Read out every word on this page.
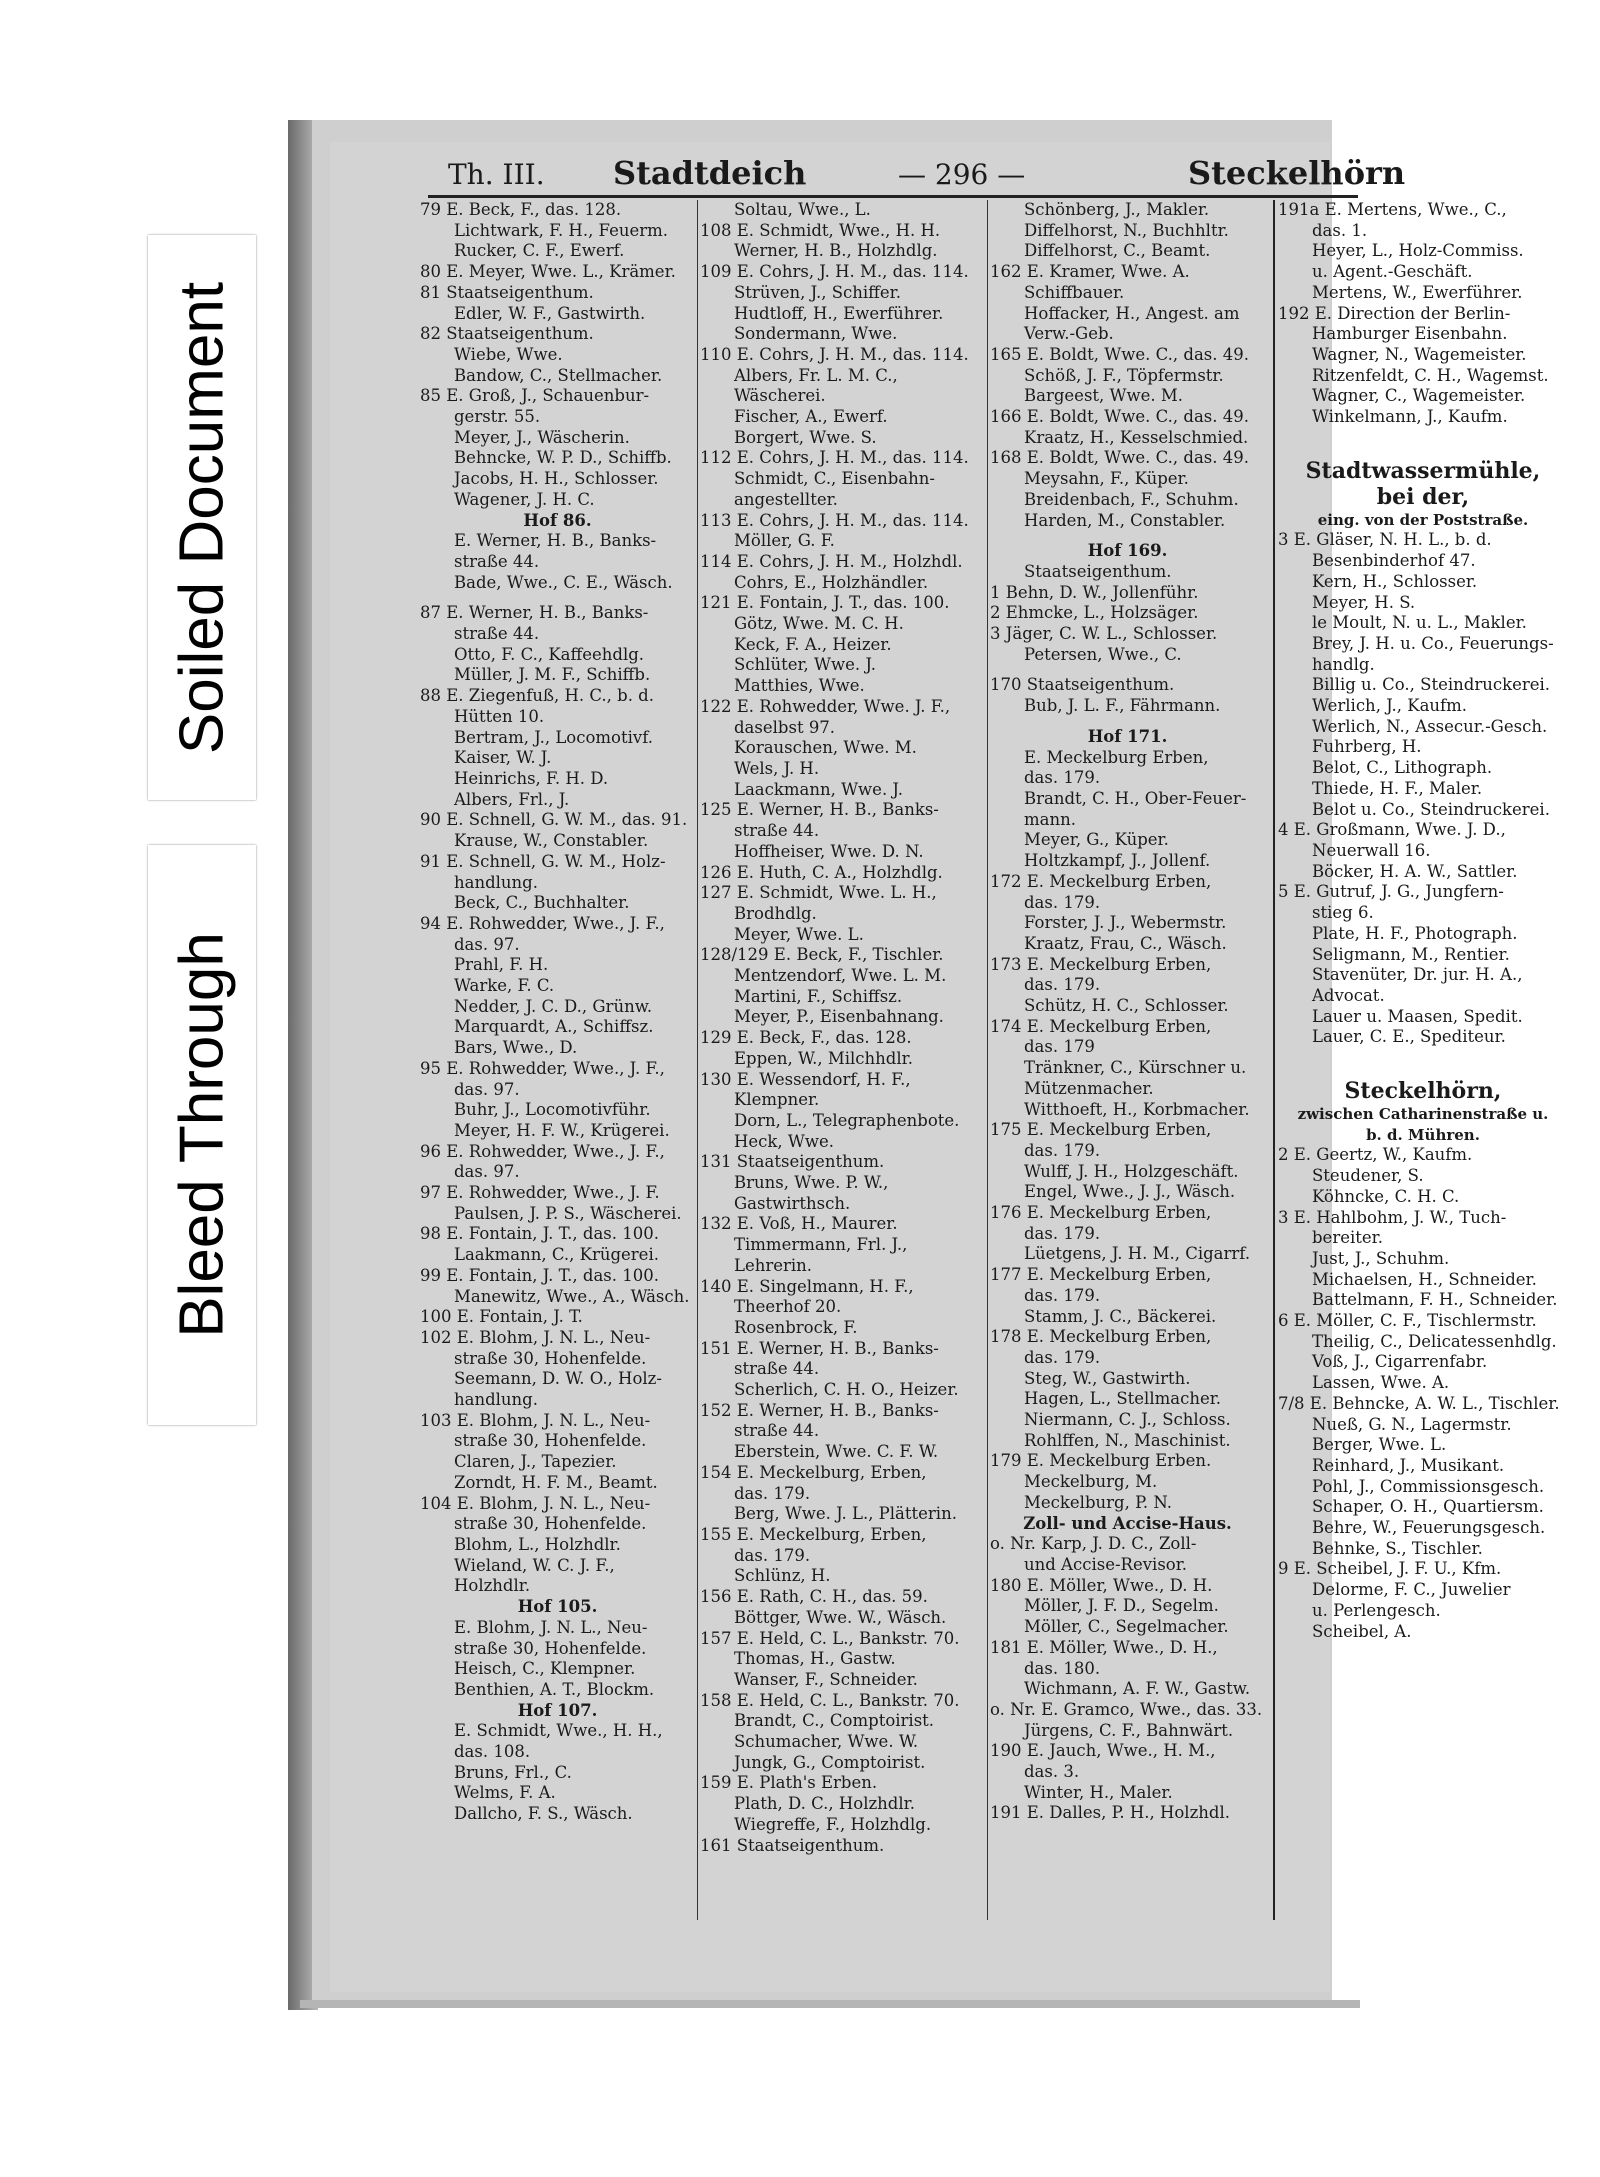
Soiled Document
Bleed Through
Th. III. Stadtdeich	— 296 —	Steckelhörn
79 E. Beck, F., das. 128.
Lichtwark, F. H., Feuerm.
Rucker, C. F., Ewerf.
80 E. Meyer, Wwe. L., Krämer.
81 Staatseigenthum.
Edler, W. F., Gastwirth.
82 Staatseigenthum.
Wiebe, Wwe.
Bandow, C., Stellmacher.
85 E. Groß, J., Schauenbur-
gerstr. 55.
Meyer, J., Wäscherin.
Behncke, W. P. D., Schiffb.
Jacobs, H. H., Schlosser.
Wagener, J. H. C.
Hof 86.
E. Werner, H. B., Banks-
straße 44.
Bade, Wwe., C. E., Wäsch.
87 E. Werner, H. B., Banks-
straße 44.
Otto, F. C., Kaffeehdlg.
Müller, J. M. F., Schiffb.
88 E. Ziegenfuß, H. C., b. d.
Hütten 10.
Bertram, J., Locomotivf.
Kaiser, W. J.
Heinrichs, F. H. D.
Albers, Frl., J.
90 E. Schnell, G. W. M., das. 91.
Krause, W., Constabler.
91 E. Schnell, G. W. M., Holz-
handlung.
Beck, C., Buchhalter.
94 E. Rohwedder, Wwe., J. F.,
das. 97.
Prahl, F. H.
Warke, F. C.
Nedder, J. C. D., Grünw.
Marquardt, A., Schiffsz.
Bars, Wwe., D.
95 E. Rohwedder, Wwe., J. F.,
das. 97.
Buhr, J., Locomotivführ.
Meyer, H. F. W., Krügerei.
96 E. Rohwedder, Wwe., J. F.,
das. 97.
97 E. Rohwedder, Wwe., J. F.
Paulsen, J. P. S., Wäscherei.
98 E. Fontain, J. T., das. 100.
Laakmann, C., Krügerei.
99 E. Fontain, J. T., das. 100.
Manewitz, Wwe., A., Wäsch.
100 E. Fontain, J. T.
102 E. Blohm, J. N. L., Neu-
straße 30, Hohenfelde.
Seemann, D. W. O., Holz-
handlung.
103 E. Blohm, J. N. L., Neu-
straße 30, Hohenfelde.
Claren, J., Tapezier.
Zorndt, H. F. M., Beamt.
104 E. Blohm, J. N. L., Neu-
straße 30, Hohenfelde.
Blohm, L., Holzhdlr.
Wieland, W. C. J. F.,
Holzhdlr.
Hof 105.
E. Blohm, J. N. L., Neu-
straße 30, Hohenfelde.
Heisch, C., Klempner.
Benthien, A. T., Blockm.
Hof 107.
E. Schmidt, Wwe., H. H.,
das. 108.
Bruns, Frl., C.
Welms, F. A.
Dallcho, F. S., Wäsch.
Soltau, Wwe., L.
108 E. Schmidt, Wwe., H. H.
Werner, H. B., Holzhdlg.
109 E. Cohrs, J. H. M., das. 114.
Strüven, J., Schiffer.
Hudtloff, H., Ewerführer.
Sondermann, Wwe.
110 E. Cohrs, J. H. M., das. 114.
Albers, Fr. L. M. C.,
Wäscherei.
Fischer, A., Ewerf.
Borgert, Wwe. S.
112 E. Cohrs, J. H. M., das. 114.
Schmidt, C., Eisenbahn-
angestellter.
113 E. Cohrs, J. H. M., das. 114.
Möller, G. F.
114 E. Cohrs, J. H. M., Holzhdl.
Cohrs, E., Holzhändler.
121 E. Fontain, J. T., das. 100.
Götz, Wwe. M. C. H.
Keck, F. A., Heizer.
Schlüter, Wwe. J.
Matthies, Wwe.
122 E. Rohwedder, Wwe. J. F.,
daselbst 97.
Korauschen, Wwe. M.
Wels, J. H.
Laackmann, Wwe. J.
125 E. Werner, H. B., Banks-
straße 44.
Hoffheiser, Wwe. D. N.
126 E. Huth, C. A., Holzhdlg.
127 E. Schmidt, Wwe. L. H.,
Brodhdlg.
Meyer, Wwe. L.
128/129 E. Beck, F., Tischler.
Mentzendorf, Wwe. L. M.
Martini, F., Schiffsz.
Meyer, P., Eisenbahnang.
129 E. Beck, F., das. 128.
Eppen, W., Milchhdlr.
130 E. Wessendorf, H. F.,
Klempner.
Dorn, L., Telegraphenbote.
Heck, Wwe.
131 Staatseigenthum.
Bruns, Wwe. P. W.,
Gastwirthsch.
132 E. Voß, H., Maurer.
Timmermann, Frl. J.,
Lehrerin.
140 E. Singelmann, H. F.,
Theerhof 20.
Rosenbrock, F.
151 E. Werner, H. B., Banks-
straße 44.
Scherlich, C. H. O., Heizer.
152 E. Werner, H. B., Banks-
straße 44.
Eberstein, Wwe. C. F. W.
154 E. Meckelburg, Erben,
das. 179.
Berg, Wwe. J. L., Plätterin.
155 E. Meckelburg, Erben,
das. 179.
Schlünz, H.
156 E. Rath, C. H., das. 59.
Böttger, Wwe. W., Wäsch.
157 E. Held, C. L., Bankstr. 70.
Thomas, H., Gastw.
Wanser, F., Schneider.
158 E. Held, C. L., Bankstr. 70.
Brandt, C., Comptoirist.
Schumacher, Wwe. W.
Jungk, G., Comptoirist.
159 E. Plath's Erben.
Plath, D. C., Holzhdlr.
Wiegreffe, F., Holzhdlg.
161 Staatseigenthum.
Schönberg, J., Makler.
Diffelhorst, N., Buchhltr.
Diffelhorst, C., Beamt.
162 E. Kramer, Wwe. A.
Schiffbauer.
Hoffacker, H., Angest. am
Verw.-Geb.
165 E. Boldt, Wwe. C., das. 49.
Schöß, J. F., Töpfermstr.
Bargeest, Wwe. M.
166 E. Boldt, Wwe. C., das. 49.
Kraatz, H., Kesselschmied.
168 E. Boldt, Wwe. C., das. 49.
Meysahn, F., Küper.
Breidenbach, F., Schuhm.
Harden, M., Constabler.
Hof 169.
Staatseigenthum.
1 Behn, D. W., Jollenführ.
2 Ehmcke, L., Holzsäger.
3 Jäger, C. W. L., Schlosser.
Petersen, Wwe., C.
170 Staatseigenthum.
Bub, J. L. F., Fährmann.
Hof 171.
E. Meckelburg Erben,
das. 179.
Brandt, C. H., Ober-Feuer-
mann.
Meyer, G., Küper.
Holtzkampf, J., Jollenf.
172 E. Meckelburg Erben,
das. 179.
Forster, J. J., Webermstr.
Kraatz, Frau, C., Wäsch.
173 E. Meckelburg Erben,
das. 179.
Schütz, H. C., Schlosser.
174 E. Meckelburg Erben,
das. 179
Tränkner, C., Kürschner u.
Mützenmacher.
Witthoeft, H., Korbmacher.
175 E. Meckelburg Erben,
das. 179.
Wulff, J. H., Holzgeschäft.
Engel, Wwe., J. J., Wäsch.
176 E. Meckelburg Erben,
das. 179.
Lüetgens, J. H. M., Cigarrf.
177 E. Meckelburg Erben,
das. 179.
Stamm, J. C., Bäckerei.
178 E. Meckelburg Erben,
das. 179.
Steg, W., Gastwirth.
Hagen, L., Stellmacher.
Niermann, C. J., Schloss.
Rohlffen, N., Maschinist.
179 E. Meckelburg Erben.
Meckelburg, M.
Meckelburg, P. N.
Zoll- und Accise-Haus.
o. Nr. Karp, J. D. C., Zoll-
und Accise-Revisor.
180 E. Möller, Wwe., D. H.
Möller, J. F. D., Segelm.
Möller, C., Segelmacher.
181 E. Möller, Wwe., D. H.,
das. 180.
Wichmann, A. F. W., Gastw.
o. Nr. E. Gramco, Wwe., das. 33.
Jürgens, C. F., Bahnwärt.
190 E. Jauch, Wwe., H. M.,
das. 3.
Winter, H., Maler.
191 E. Dalles, P. H., Holzhdl.
191a E. Mertens, Wwe., C.,
das. 1.
Heyer, L., Holz-Commiss.
u. Agent.-Geschäft.
Mertens, W., Ewerführer.
192 E. Direction der Berlin-
Hamburger Eisenbahn.
Wagner, N., Wagemeister.
Ritzenfeldt, C. H., Wagemst.
Wagner, C., Wagemeister.
Winkelmann, J., Kaufm.
Stadtwassermühle,
bei der,
eing. von der Poststraße.
3 E. Gläser, N. H. L., b. d.
Besenbinderhof 47.
Kern, H., Schlosser.
Meyer, H. S.
le Moult, N. u. L., Makler.
Brey, J. H. u. Co., Feuerungs-
handlg.
Billig u. Co., Steindruckerei.
Werlich, J., Kaufm.
Werlich, N., Assecur.-Gesch.
Fuhrberg, H.
Belot, C., Lithograph.
Thiede, H. F., Maler.
Belot u. Co., Steindruckerei.
4 E. Großmann, Wwe. J. D.,
Neuerwall 16.
Böcker, H. A. W., Sattler.
5 E. Gutruf, J. G., Jungfern-
stieg 6.
Plate, H. F., Photograph.
Seligmann, M., Rentier.
Stavenüter, Dr. jur. H. A.,
Advocat.
Lauer u. Maasen, Spedit.
Lauer, C. E., Spediteur.
Steckelhörn,
zwischen Catharinenstraße u.
b. d. Mühren.
2 E. Geertz, W., Kaufm.
Steudener, S.
Köhncke, C. H. C.
3 E. Hahlbohm, J. W., Tuch-
bereiter.
Just, J., Schuhm.
Michaelsen, H., Schneider.
Battelmann, F. H., Schneider.
6 E. Möller, C. F., Tischlermstr.
Theilig, C., Delicatessenhdlg.
Voß, J., Cigarrenfabr.
Lassen, Wwe. A.
7/8 E. Behncke, A. W. L., Tischler.
Nueß, G. N., Lagermstr.
Berger, Wwe. L.
Reinhard, J., Musikant.
Pohl, J., Commissionsgesch.
Schaper, O. H., Quartiersm.
Behre, W., Feuerungsgesch.
Behnke, S., Tischler.
9 E. Scheibel, J. F. U., Kfm.
Delorme, F. C., Juwelier
u. Perlengesch.
Scheibel, A.
